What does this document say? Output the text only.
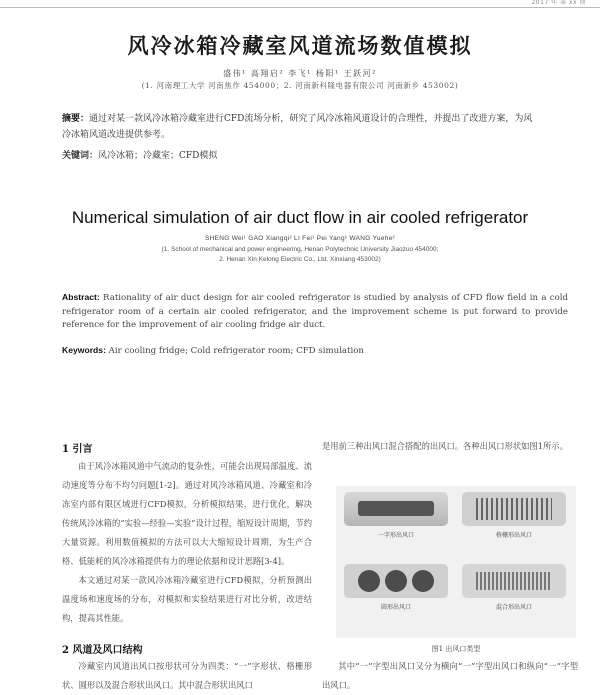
2017 年 第 xx 期
风冷冰箱冷藏室风道流场数值模拟
盛伟¹ 高翔启² 李飞¹ 杨阳¹ 王跃河²
(1. 河南理工大学 河南焦作 454000；2. 河南新科隆电器有限公司 河南新乡 453002)
摘要：通过对某一款风冷冰箱冷藏室进行CFD流场分析，研究了风冷冰箱风道设计的合理性，并提出了改进方案，为风冷冰箱风道改进提供参考。
关键词：风冷冰箱；冷藏室；CFD模拟
Numerical simulation of air duct flow in air cooled refrigerator
SHENG Wei¹ GAO Xiangqi² LI Fei¹ Pei Yang¹ WANG Yuehe²
(1. School of mechanical and power engineering, Henan Polytechnic University Jiaozuo 454000;
2. Henan Xin Kelong Electric Co., Ltd. Xinxiang 453002)
Abstract: Rationality of air duct design for air cooled refrigerator is studied by analysis of CFD flow field in a cold refrigerator room of a certain air cooled refrigerator, and the improvement scheme is put forward to provide reference for the improvement of air cooling fridge air duct.
Keywords: Air cooling fridge; Cold refrigerator room; CFD simulation
1 引言
由于风冷冰箱风道中气流动的复杂性，可能会出现局部温度、流动速度等分布不均匀问题[1-2]。通过对风冷冰箱风道、冷藏室和冷冻室内部有限区域进行CFD模拟，分析模拟结果，进行优化，解决传统风冷冰箱的“实验—经验—实验”设计过程，缩短设计周期，节约大量资源。利用数值模拟的方法可以大大缩短设计周期，为生产合格、低能耗的风冷冰箱提供有力的理论依据和设计思路[3-4]。
本文通过对某一款风冷冰箱冷藏室进行CFD模拟，分析预测出温度场和速度场的分布，对模拟和实验结果进行对比分析，改进结构，提高其性能。
2 风道及风口结构
冷藏室内风道出风口按形状可分为四类：“一”字形状、格栅形状、圆形以及混合形状出风口。其中混合形状出风口
是用前三种出风口混合搭配的出风口。各种出风口形状如图1所示。
一字形出风口	格栅形出风口
圆形出风口	混合形出风口
图1 出风口类型
其中“一”字型出风口又分为横向“一”字型出风口和纵向“一”字型出风口。
